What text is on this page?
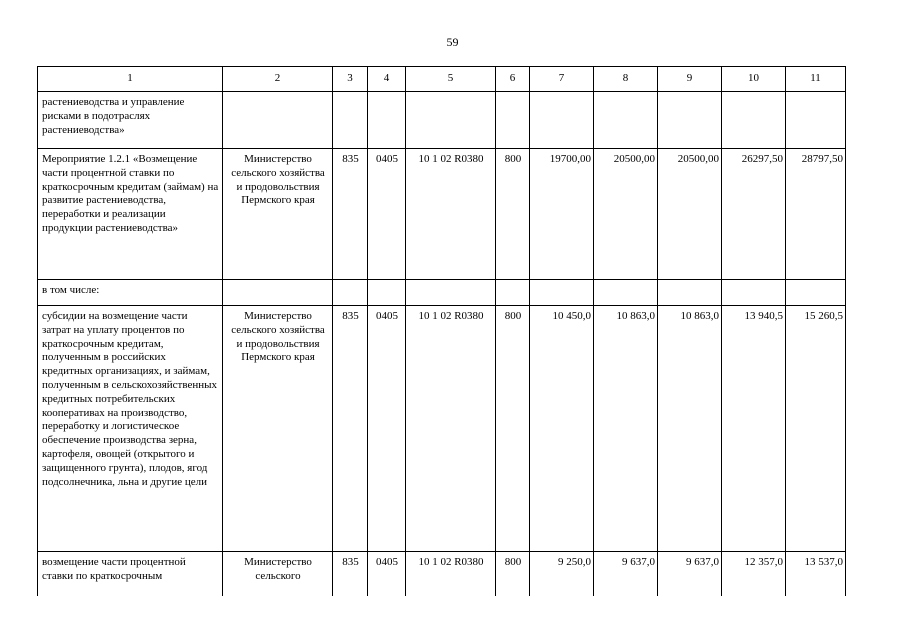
59
1	2	3	4	5	6	7	8	9	10	11
растениеводства и управление рисками в подотраслях растениеводства»										
Мероприятие 1.2.1 «Возмещение части процентной ставки по краткосрочным кредитам (займам) на развитие растениеводства, переработки и реализации продукции растениеводства»	Министерство сельского хозяйства и продовольствия Пермского края	835	0405	10 1 02 R0380	800	19700,00	20500,00	20500,00	26297,50	28797,50
в том числе:										
субсидии на возмещение части затрат на уплату процентов по краткосрочным кредитам, полученным в российских кредитных организациях, и займам, полученным в сельскохозяйственных кредитных потребительских кооперативах на производство, переработку и логистическое обеспечение производства зерна, картофеля, овощей (открытого и защищенного грунта), плодов, ягод подсолнечника, льна и другие цели	Министерство сельского хозяйства и продовольствия Пермского края	835	0405	10 1 02 R0380	800	10 450,0	10 863,0	10 863,0	13 940,5	15 260,5
возмещение части процентной ставки по краткосрочным	Министерство сельского	835	0405	10 1 02 R0380	800	9 250,0	9 637,0	9 637,0	12 357,0	13 537,0
